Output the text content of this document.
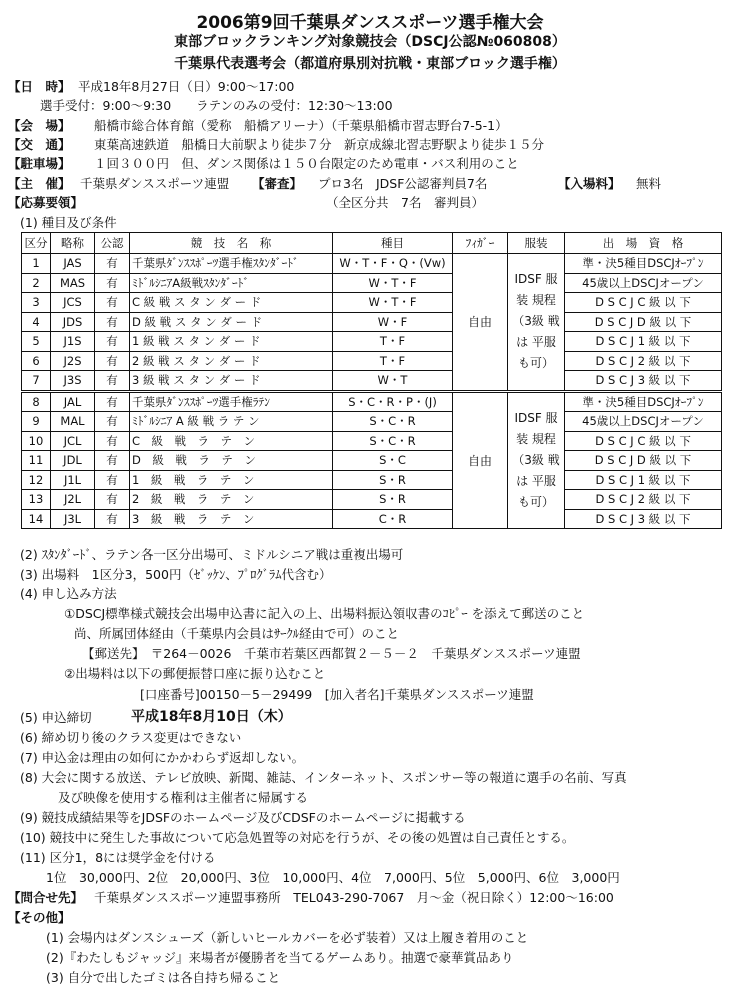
2006第9回千葉県ダンススポーツ選手権大会
東部ブロックランキング対象競技会（DSCJ公認№060808）
千葉県代表選考会（都道府県別対抗戦・東部ブロック選手権）
【日　時】 平成18年8月27日（日）9:00～17:00
選手受付：9:00～9:30　　ラテンのみの受付：12:30～13:00
【会　場】 船橋市総合体育館（愛称　船橋アリーナ）（千葉県船橋市習志野台7-5-1）
【交　通】 東葉高速鉄道　船橋日大前駅より徒歩７分　新京成線北習志野駅より徒歩１５分
【駐車場】 １回３００円　但、ダンス関係は１５０台限定のため電車・バス利用のこと
【主　催】 千葉県ダンススポーツ連盟 【審査】 プロ3名　JDSF公認審判員7名	【入場料】 無料
【応募要領】	（全区分共　7名　審判員）
(1) 種目及び条件
区分	略称	公認	競　技　名　称	種目	ﾌｨｶﾞｰ	服装	出　場　資　格
1	JAS	有	千葉県ﾀﾞﾝｽｽﾎﾟｰﾂ選手権ｽﾀﾝﾀﾞｰﾄﾞ	W・T・F・Q・(Vw)	自由	IDSF 服装 規程 （3級 戦は 平服 も可）	準・決5種目DSCJｵｰﾌﾟﾝ
2	MAS	有	ﾐﾄﾞﾙｼﾆｱA級戦ｽﾀﾝﾀﾞｰﾄﾞ	W・T・F			45歳以上DSCJオープン
3	JCS	有	C 級 戦 ス タ ン ダ ー ド	W・T・F			D S C J C 級 以 下
4	JDS	有	D 級 戦 ス タ ン ダ ー ド	W・F			D S C J D 級 以 下
5	J1S	有	1 級 戦 ス タ ン ダ ー ド	T・F			D S C J 1 級 以 下
6	J2S	有	2 級 戦 ス タ ン ダ ー ド	T・F			D S C J 2 級 以 下
7	J3S	有	3 級 戦 ス タ ン ダ ー ド	W・T			D S C J 3 級 以 下
8	JAL	有	千葉県ﾀﾞﾝｽｽﾎﾟｰﾂ選手権ﾗﾃﾝ	S・C・R・P・(J)	自由	IDSF 服装 規程 （3級 戦は 平服 も可）	準・決5種目DSCJｵｰﾌﾟﾝ
9	MAL	有	ﾐﾄﾞﾙｼﾆｱ A 級 戦 ラ テ ン	S・C・R			45歳以上DSCJオープン
10	JCL	有	C　級　戦　ラ　テ　ン	S・C・R			D S C J C 級 以 下
11	JDL	有	D　級　戦　ラ　テ　ン	S・C			D S C J D 級 以 下
12	J1L	有	1　級　戦　ラ　テ　ン	S・R			D S C J 1 級 以 下
13	J2L	有	2　級　戦　ラ　テ　ン	S・R			D S C J 2 級 以 下
14	J3L	有	3　級　戦　ラ　テ　ン	C・R			D S C J 3 級 以 下
(2) ｽﾀﾝﾀﾞｰﾄﾞ、ラテン各一区分出場可、ミドルシニア戦は重複出場可
(3) 出場料　1区分3，500円（ｾﾞｯｹﾝ、ﾌﾟﾛｸﾞﾗﾑ代含む）
(4) 申し込み方法
①DSCJ標準様式競技会出場申込書に記入の上、出場料振込領収書のｺﾋﾟｰ を添えて郵送のこと
尚、所属団体経由（千葉県内会員はｻｰｸﾙ経由で可）のこと
【郵送先】　〒264－0026　千葉市若葉区西都賀２－５－２　千葉県ダンススポーツ連盟
②出場料は以下の郵便振替口座に振り込むこと
[口座番号]00150－5－29499　[加入者名]千葉県ダンススポーツ連盟
(5) 申込締切	平成18年8月10日（木）
(6) 締め切り後のクラス変更はできない
(7) 申込金は理由の如何にかかわらず返却しない。
(8) 大会に関する放送、テレビ放映、新聞、雑誌、インターネット、スポンサー等の報道に選手の名前、写真
及び映像を使用する権利は主催者に帰属する
(9) 競技成績結果等をJDSFのホームページ及びCDSFのホームページに掲載する
(10) 競技中に発生した事故について応急処置等の対応を行うが、その後の処置は自己責任とする。
(11) 区分1，8には奨学金を付ける
1位　30,000円、2位　20,000円、3位　10,000円、4位　7,000円、5位　5,000円、6位　3,000円
【問合せ先】 千葉県ダンススポーツ連盟事務所　TEL043-290-7067　月～金（祝日除く）12:00～16:00
【その他】
(1) 会場内はダンスシューズ（新しいヒールカバーを必ず装着）又は上履き着用のこと
(2)『わたしもジャッジ』来場者が優勝者を当てるゲームあり。抽選で豪華賞品あり
(3) 自分で出したゴミは各自持ち帰ること
